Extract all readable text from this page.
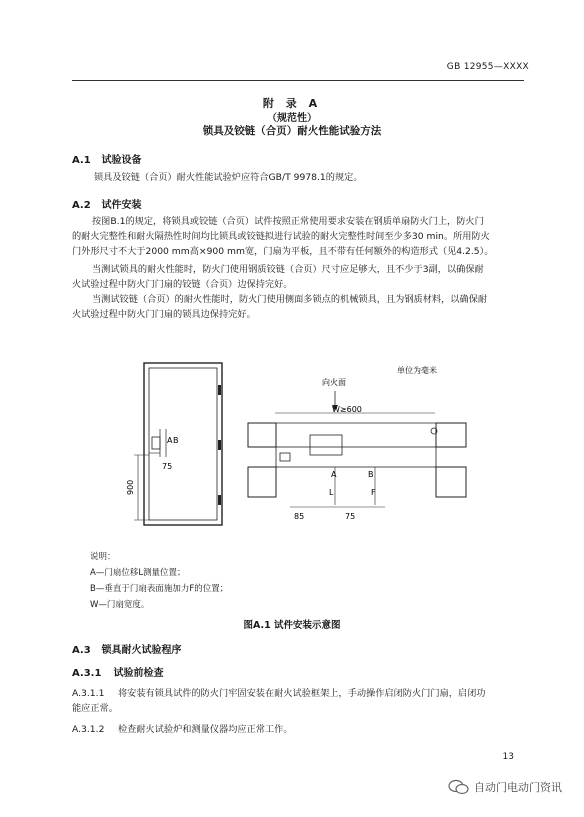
GB 12955—XXXX
附 录 A
（规范性）
锁具及铰链（合页）耐火性能试验方法
A.1 试验设备
锁具及铰链（合页）耐火性能试验炉应符合GB/T 9978.1的规定。
A.2 试件安装
按图B.1的规定，将锁具或铰链（合页）试件按照正常使用要求安装在钢质单扇防火门上，防火门
的耐火完整性和耐火隔热性时间均比锁具或铰链拟进行试验的耐火完整性时间至少多30 min。所用防火
门外形尺寸不大于2000 mm高×900 mm宽，门扇为平板，且不带有任何额外的构造形式（见4.2.5）。
当测试锁具的耐火性能时，防火门使用钢质铰链（合页）尺寸应足够大，且不少于3副，以确保耐
火试验过程中防火门门扇的铰链（合页）边保持完好。
当测试铰链（合页）的耐火性能时，防火门使用侧面多锁点的机械锁具，且为钢质材料，以确保耐
火试验过程中防火门门扇的锁具边保持完好。
A B
75
900
单位为毫米
向火面
W≥600
A	B
L	F
85	75
说明：
A—门扇位移L测量位置；
B—垂直于门扇表面施加力F的位置；
W—门扇宽度。
图A.1 试件安装示意图
A.3 锁具耐火试验程序
A.3.1 试验前检查
A.3.1.1 将安装有锁具试件的防火门牢固安装在耐火试验框架上，手动操作启闭防火门门扇，启闭功
能应正常。
A.3.1.2 检查耐火试验炉和测量仪器均应正常工作。
13
自动门电动门资讯
